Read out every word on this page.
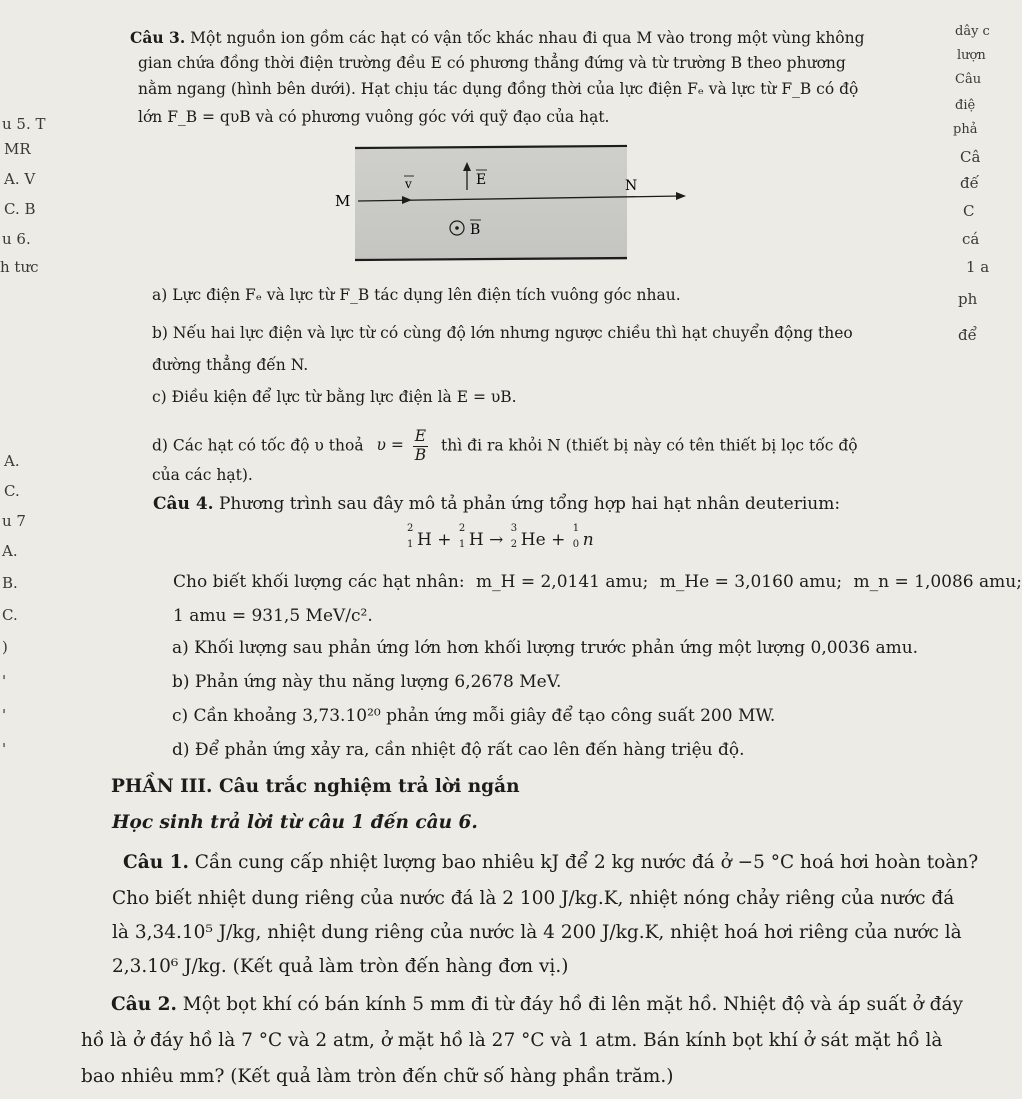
u 5. T
MR
A. V
C. B
u 6.
h tưc
A.
C.
u 7
A.
B.
C.
)
'
'
'
dây c
lượn
Câu
điệ
phả
Câ
đế
C
cá
1 a
ph
để
Câu 3. Một nguồn ion gồm các hạt có vận tốc khác nhau đi qua M vào trong một vùng không
gian chứa đồng thời điện trường đều E có phương thẳng đứng và từ trường B theo phương
nằm ngang (hình bên dưới). Hạt chịu tác dụng đồng thời của lực điện Fₑ và lực từ F_B có độ
lớn F_B = qυB và có phương vuông góc với quỹ đạo của hạt.
M
N
v	E
B
a) Lực điện Fₑ và lực từ F_B tác dụng lên điện tích vuông góc nhau.
b) Nếu hai lực điện và lực từ có cùng độ lớn nhưng ngược chiều thì hạt chuyển động theo
đường thẳng đến N.
c) Điều kiện để lực từ bằng lực điện là E = υB.
d) Các hạt có tốc độ υ thoả $\upsilon = \frac{E}{B}$ thì đi ra khỏi N (thiết bị này có tên thiết bị lọc tốc độ
của các hạt).
Câu 4. Phương trình sau đây mô tả phản ứng tổng hợp hai hạt nhân deuterium:
2
1 H +
2
1 H →
3
2 He +
1
0 n
Cho biết khối lượng các hạt nhân: m_H = 2,0141 amu; m_He = 3,0160 amu; m_n = 1,0086 amu;
1 amu = 931,5 MeV/c².
a) Khối lượng sau phản ứng lớn hơn khối lượng trước phản ứng một lượng 0,0036 amu.
b) Phản ứng này thu năng lượng 6,2678 MeV.
c) Cần khoảng 3,73.10²⁰ phản ứng mỗi giây để tạo công suất 200 MW.
d) Để phản ứng xảy ra, cần nhiệt độ rất cao lên đến hàng triệu độ.
PHẦN III. Câu trắc nghiệm trả lời ngắn
Học sinh trả lời từ câu 1 đến câu 6.
Câu 1. Cần cung cấp nhiệt lượng bao nhiêu kJ để 2 kg nước đá ở −5 °C hoá hơi hoàn toàn?
Cho biết nhiệt dung riêng của nước đá là 2 100 J/kg.K, nhiệt nóng chảy riêng của nước đá
là 3,34.10⁵ J/kg, nhiệt dung riêng của nước là 4 200 J/kg.K, nhiệt hoá hơi riêng của nước là
2,3.10⁶ J/kg. (Kết quả làm tròn đến hàng đơn vị.)
Câu 2. Một bọt khí có bán kính 5 mm đi từ đáy hồ đi lên mặt hồ. Nhiệt độ và áp suất ở đáy
hồ là ở đáy hồ là 7 °C và 2 atm, ở mặt hồ là 27 °C và 1 atm. Bán kính bọt khí ở sát mặt hồ là
bao nhiêu mm? (Kết quả làm tròn đến chữ số hàng phần trăm.)
